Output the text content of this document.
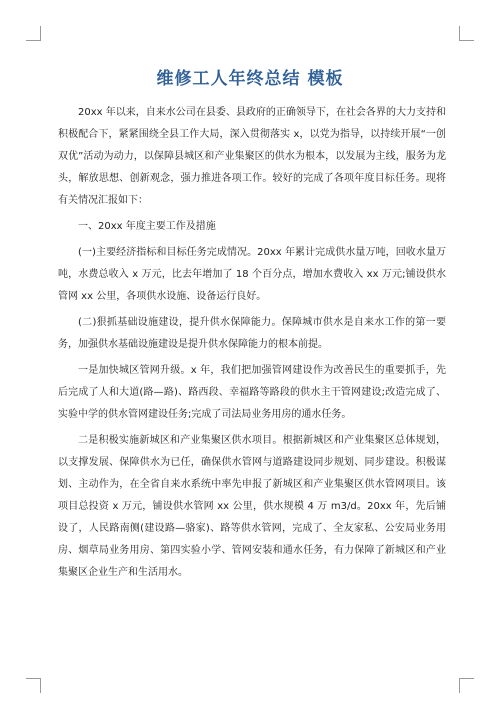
维修工人年终总结 模板

20xx 年以来，自来水公司在县委、县政府的正确领导下，在社会各界的大力支持和积极配合下，紧紧围绕全县工作大局，深入贯彻落实 x，以党为指导，以持续开展“一创双优”活动为动力，以保障县城区和产业集聚区的供水为根本，以发展为主线，服务为龙头，解放思想、创新观念，强力推进各项工作。较好的完成了各项年度目标任务。现将有关情况汇报如下：

一、20xx 年度主要工作及措施

(一)主要经济指标和目标任务完成情况。20xx 年累计完成供水量万吨，回收水量万吨，水费总收入 x 万元，比去年增加了 18 个百分点，增加水费收入 xx 万元;铺设供水管网 xx 公里，各项供水设施、设备运行良好。

(二)狠抓基础设施建设，提升供水保障能力。保障城市供水是自来水工作的第一要务，加强供水基础设施建设是提升供水保障能力的根本前提。

一是加快城区管网升级。x 年，我们把加强管网建设作为改善民生的重要抓手，先后完成了人和大道(路—路)、路西段、幸福路等路段的供水主干管网建设;改造完成了、实验中学的供水管网建设任务;完成了司法局业务用房的通水任务。

二是积极实施新城区和产业集聚区供水项目。根据新城区和产业集聚区总体规划，以支撑发展、保障供水为已任，确保供水管网与道路建设同步规划、同步建设。积极谋划、主动作为，在全省自来水系统中率先申报了新城区和产业集聚区供水管网项目。该项目总投资 x 万元，铺设供水管网 xx 公里，供水规模 4 万 m3/d。20xx 年，先后铺设了，人民路南侧(建设路—骆家)、路等供水管网，完成了、全友家私、公安局业务用房、烟草局业务用房、第四实验小学、管网安装和通水任务，有力保障了新城区和产业集聚区企业生产和生活用水。
